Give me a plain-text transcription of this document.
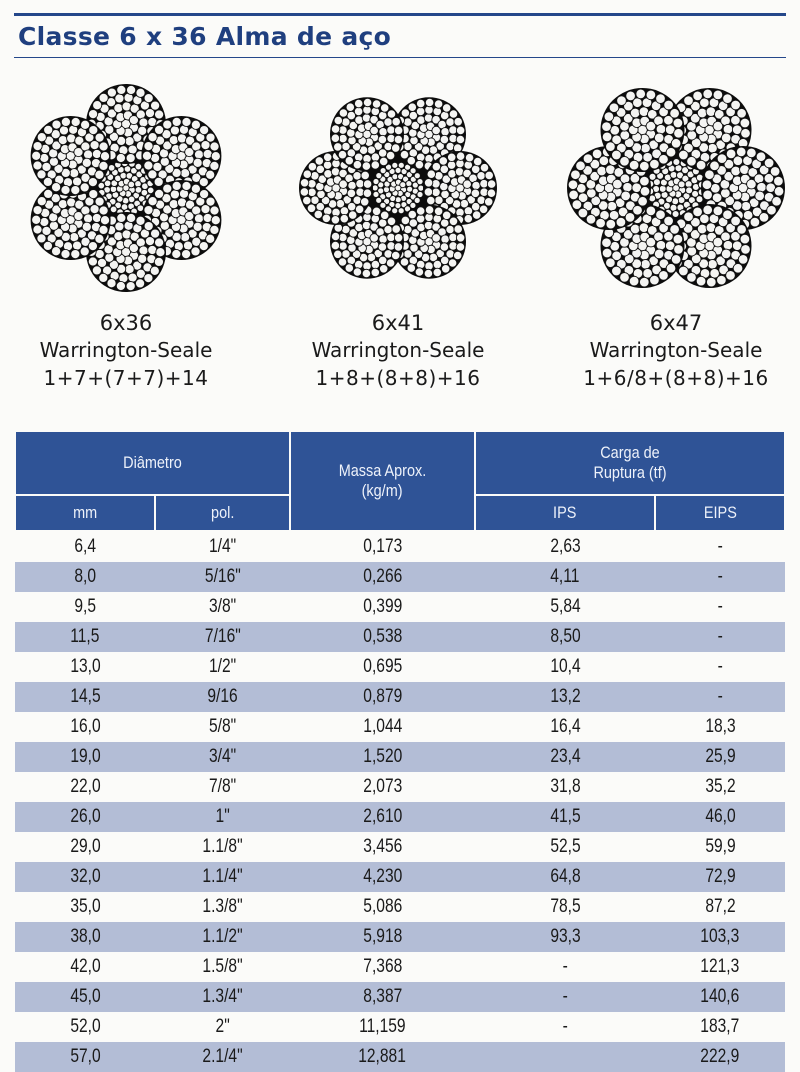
Classe 6 x 36 Alma de aço
6x36
Warrington-Seale
1+7+(7+7)+14
6x41
Warrington-Seale
1+8+(8+8)+16
6x47
Warrington-Seale
1+6/8+(8+8)+16
Diâmetro		Massa Aprox.
(kg/m)	Carga de
Ruptura (tf)	
mm	pol.		IPS	EIPS
6,4	1/4"	0,173	2,63	-
8,0	5/16"	0,266	4,11	-
9,5	3/8"	0,399	5,84	-
11,5	7/16"	0,538	8,50	-
13,0	1/2"	0,695	10,4	-
14,5	9/16	0,879	13,2	-
16,0	5/8"	1,044	16,4	18,3
19,0	3/4"	1,520	23,4	25,9
22,0	7/8"	2,073	31,8	35,2
26,0	1"	2,610	41,5	46,0
29,0	1.1/8"	3,456	52,5	59,9
32,0	1.1/4"	4,230	64,8	72,9
35,0	1.3/8"	5,086	78,5	87,2
38,0	1.1/2"	5,918	93,3	103,3
42,0	1.5/8"	7,368	-	121,3
45,0	1.3/4"	8,387	-	140,6
52,0	2"	11,159	-	183,7
57,0	2.1/4"	12,881		222,9
